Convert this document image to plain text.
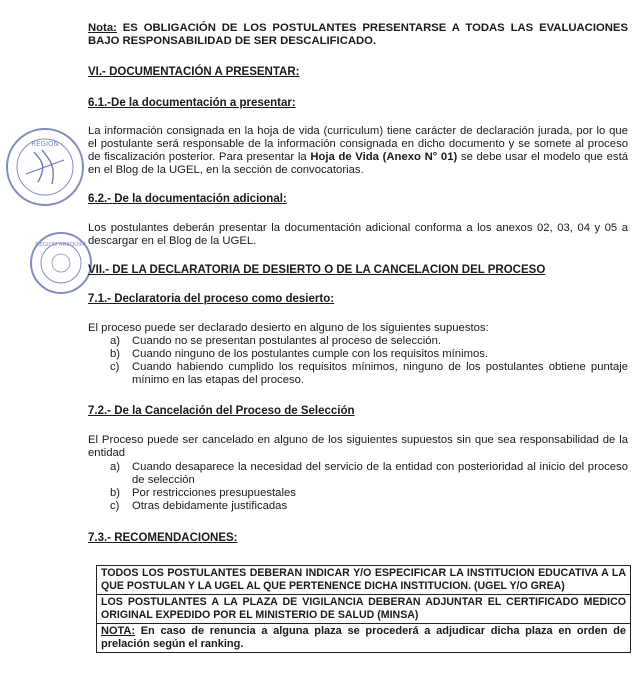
REGIÓN
REGION AREQUIPA
Nota: ES OBLIGACIÓN DE LOS POSTULANTES PRESENTARSE A TODAS LAS EVALUACIONES BAJO RESPONSABILIDAD DE SER DESCALIFICADO.
VI.- DOCUMENTACIÓN A PRESENTAR:
6.1.-De la documentación a presentar:
La información consignada en la hoja de vida (curriculum) tiene carácter de declaración jurada, por lo que el postulante será responsable de la información consignada en dicho documento y se somete al proceso de fiscalización posterior. Para presentar la Hoja de Vida (Anexo N° 01) se debe usar el modelo que está en el Blog de la UGEL, en la sección de convocatorias.
6.2.- De la documentación adicional:
Los postulantes deberán presentar la documentación adicional conforma a los anexos 02, 03, 04 y 05 a descargar en el Blog de la UGEL.
VII.- DE LA DECLARATORIA DE DESIERTO O DE LA CANCELACION DEL PROCESO
7.1.- Declaratoria del proceso como desierto:
El proceso puede ser declarado desierto en alguno de los siguientes supuestos:
a)	Cuando no se presentan postulantes al proceso de selección.
b)	Cuando ninguno de los postulantes cumple con los requisitos mínimos.
c)	Cuando habiendo cumplido los requisitos mínimos, ninguno de los postulantes obtiene puntaje mínimo en las etapas del proceso.
7.2.- De la Cancelación del Proceso de Selección
El Proceso puede ser cancelado en alguno de los siguientes supuestos sin que sea responsabilidad de la entidad
a)	Cuando desaparece la necesidad del servicio de la entidad con posterioridad al inicio del proceso de selección
b)	Por restricciones presupuestales
c)	Otras debidamente justificadas
7.3.- RECOMENDACIONES:
TODOS LOS POSTULANTES DEBERAN INDICAR Y/O ESPECIFICAR LA INSTITUCION EDUCATIVA A LA QUE POSTULAN Y LA UGEL AL QUE PERTENENCE DICHA INSTITUCION. (UGEL Y/O GREA)
LOS POSTULANTES A LA PLAZA DE VIGILANCIA DEBERAN ADJUNTAR EL CERTIFICADO MEDICO ORIGINAL EXPEDIDO POR EL MINISTERIO DE SALUD (MINSA)
NOTA: En caso de renuncia a alguna plaza se procederá a adjudicar dicha plaza en orden de prelación según el ranking.
